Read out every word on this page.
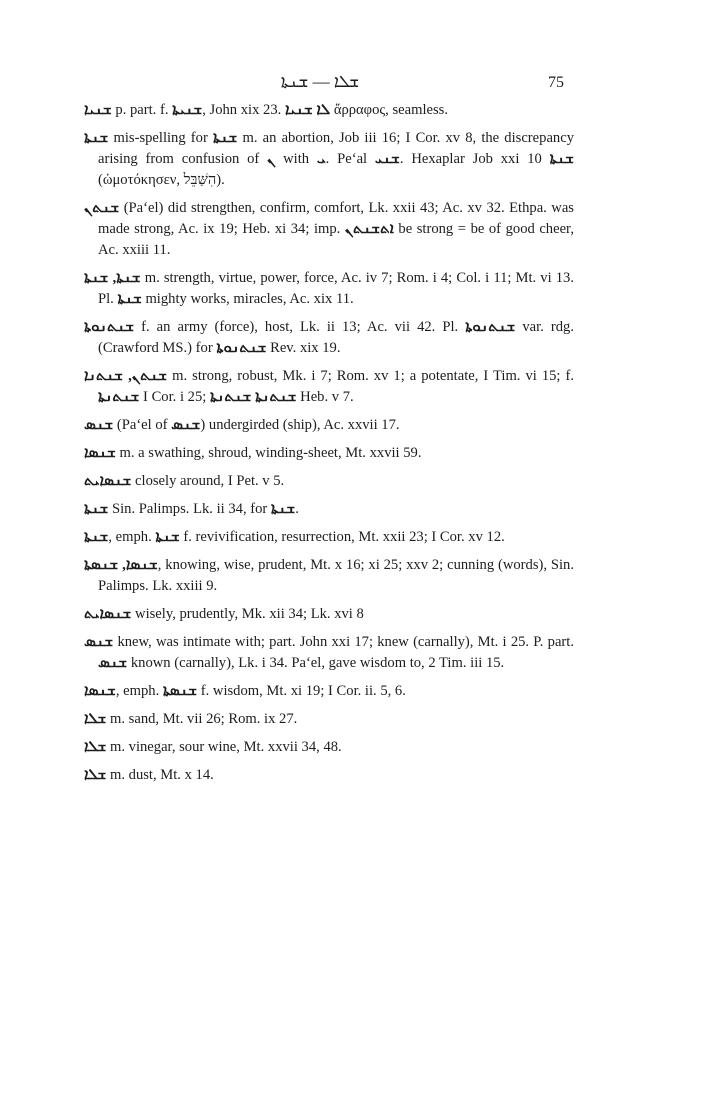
ܫܠܐ — ܫܢܬܐ	75
ܫܢܝܐ p. part. f. ܫܢܝܬܐ, John xix 23. ܠܐ ܫܢܝܐ ἄρραφος, seamless.
ܫܢܬܐ mis-spelling for ܫܢܬܐ m. an abortion, Job iii 16; I Cor. xv 8, the discrepancy arising from confusion of ܢ with ܝ. Pe‘al ܫܢܝ. Hexaplar Job xxi 10 ܫܢܬܐ (ὠμοτόκησεν, הִשַּׁבֵּל).
ܫܢܬܢ (Pa‘el) did strengthen, confirm, comfort, Lk. xxii 43; Ac. xv 32. Ethpa. was made strong, Ac. ix 19; Heb. xi 34; imp. ܐܬܫܢܬܢ be strong = be of good cheer, Ac. xxiii 11.
ܫܢܬܐ, ܫܢܬܐ m. strength, virtue, power, force, Ac. iv 7; Rom. i 4; Col. i 11; Mt. vi 13. Pl. ܫܢܬܐ mighty works, miracles, Ac. xix 11.
ܫܢܬܢܘܬܐ f. an army (force), host, Lk. ii 13; Ac. vii 42. Pl. ܫܢܬܢܘܬܐ var. rdg. (Crawford MS.) for ܫܢܬܢܘܬܐ Rev. xix 19.
ܫܢܬܢ, ܫܢܬܢܐ m. strong, robust, Mk. i 7; Rom. xv 1; a potentate, I Tim. vi 15; f. ܫܢܬܢܬܐ I Cor. i 25; ܫܢܬܢܬܐ ܫܢܬܢܬܐ Heb. v 7.
ܫܢܣ (Pa‘el of ܫܢܣ) undergirded (ship), Ac. xxvii 17.
ܫܢܣܐ m. a swathing, shroud, winding-sheet, Mt. xxvii 59.
ܫܢܣܐܝܬ closely around, I Pet. v 5.
ܫܢܬܐ Sin. Palimps. Lk. ii 34, for ܫܢܬܐ.
ܫܢܬܐ, emph. ܫܢܬܐ f. revivification, resurrection, Mt. xxii 23; I Cor. xv 12.
ܫܢܣܐ, ܫܢܣܬܐ, knowing, wise, prudent, Mt. x 16; xi 25; xxv 2; cunning (words), Sin. Palimps. Lk. xxiii 9.
ܫܢܣܐܝܬ wisely, prudently, Mk. xii 34; Lk. xvi 8
ܫܢܣ knew, was intimate with; part. John xxi 17; knew (carnally), Mt. i 25. P. part. ܫܢܣ known (carnally), Lk. i 34. Pa‘el, gave wisdom to, 2 Tim. iii 15.
ܫܢܣܐ, emph. ܫܢܣܬܐ f. wisdom, Mt. xi 19; I Cor. ii. 5, 6.
ܫܠܐ m. sand, Mt. vii 26; Rom. ix 27.
ܫܠܐ m. vinegar, sour wine, Mt. xxvii 34, 48.
ܫܠܐ m. dust, Mt. x 14.
